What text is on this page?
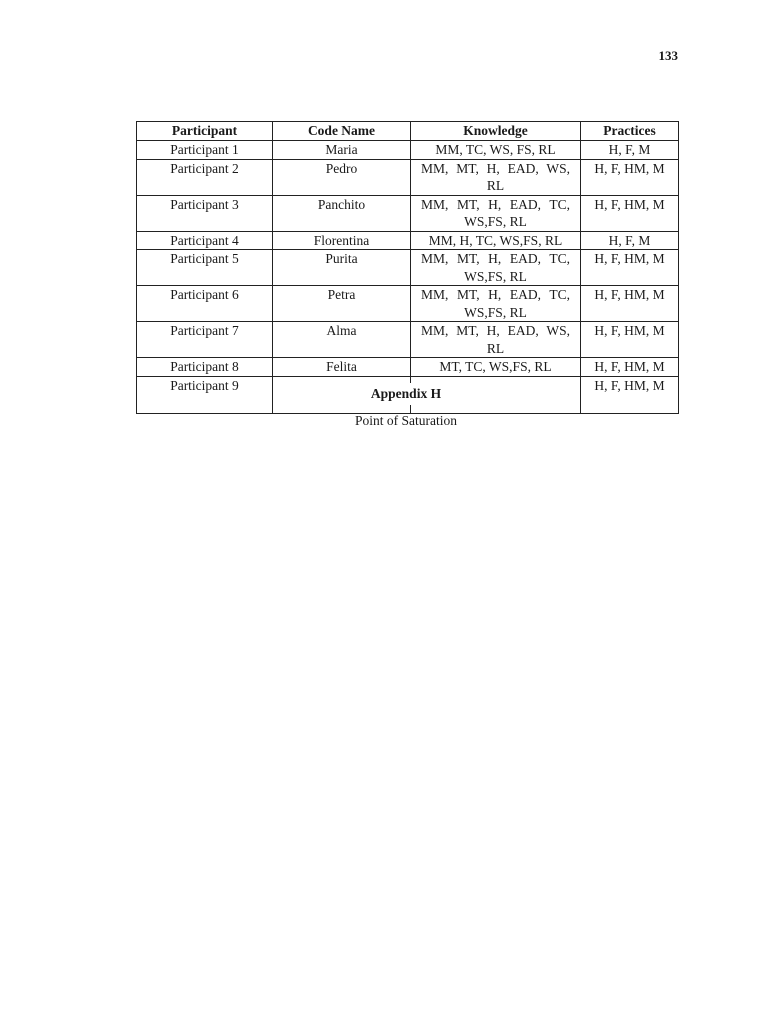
133
Participant	Code Name	Knowledge	Practices
Participant 1	Maria	MM, TC, WS, FS, RL	H, F, M
Participant 2	Pedro	MM, MT, H, EAD, WS, RL	H, F, HM, M
Participant 3	Panchito	MM, MT, H, EAD, TC, WS,FS, RL	H, F, HM, M
Participant 4	Florentina	MM, H, TC, WS,FS, RL	H, F, M
Participant 5	Purita	MM, MT, H, EAD, TC, WS,FS, RL	H, F, HM, M
Participant 6	Petra	MM, MT, H, EAD, TC, WS,FS, RL	H, F, HM, M
Participant 7	Alma	MM, MT, H, EAD, WS, RL	H, F, HM, M
Participant 8	Felita	MT, TC, WS,FS, RL	H, F, HM, M
Participant 9			H, F, HM, M
Appendix H
Point of Saturation
